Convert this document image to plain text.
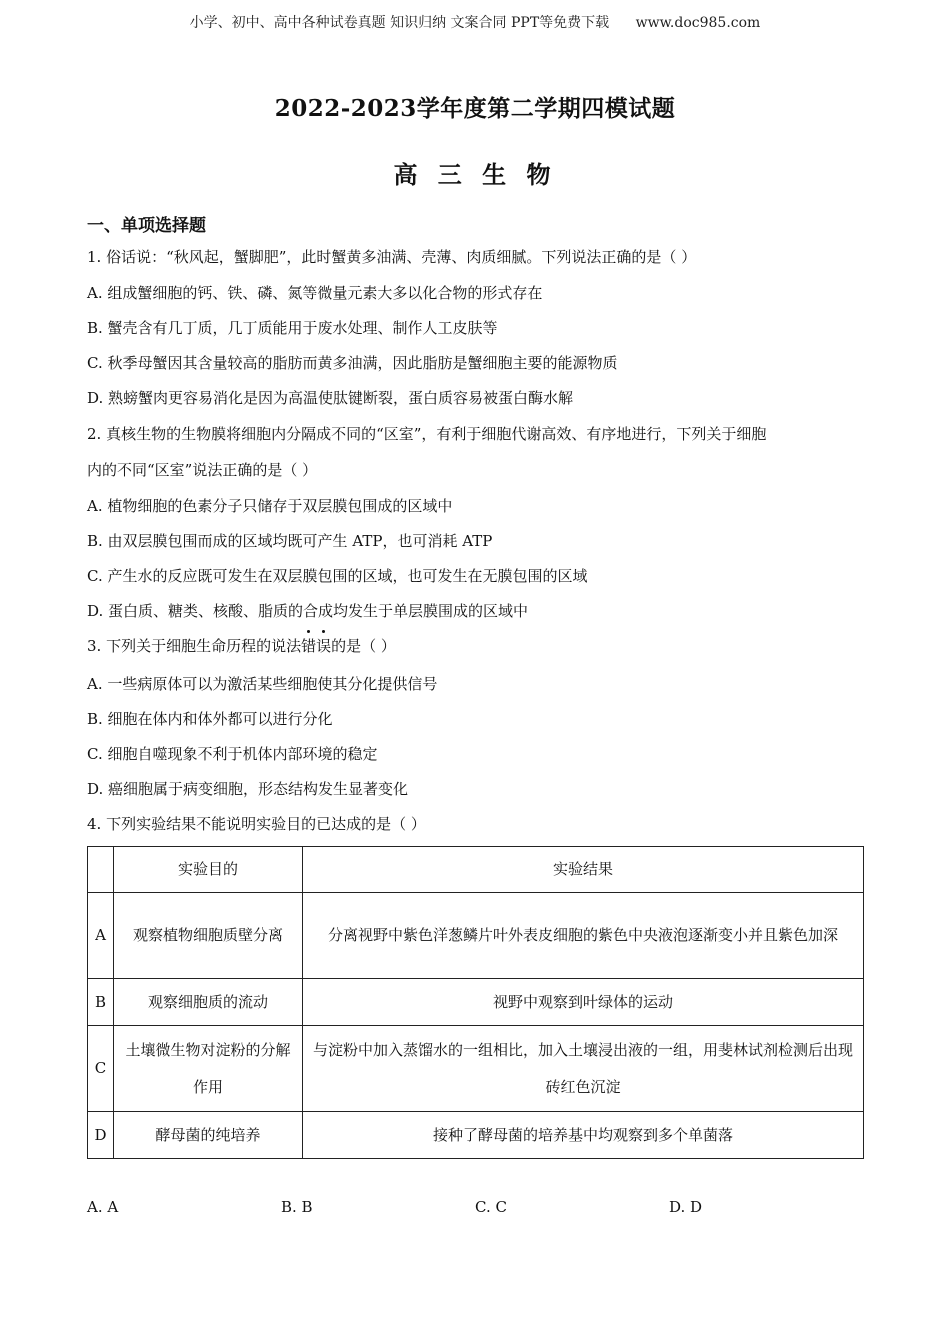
小学、初中、高中各种试卷真题 知识归纳 文案合同 PPT等免费下载 www.doc985.com
2022-2023学年度第二学期四模试题
高 三 生 物
一、单项选择题
1. 俗话说：“秋风起，蟹脚肥”，此时蟹黄多油满、壳薄、肉质细腻。下列说法正确的是（ ）
A. 组成蟹细胞的钙、铁、磷、氮等微量元素大多以化合物的形式存在
B. 蟹壳含有几丁质，几丁质能用于废水处理、制作人工皮肤等
C. 秋季母蟹因其含量较高的脂肪而黄多油满，因此脂肪是蟹细胞主要的能源物质
D. 熟螃蟹肉更容易消化是因为高温使肽键断裂，蛋白质容易被蛋白酶水解
2. 真核生物的生物膜将细胞内分隔成不同的“区室”，有利于细胞代谢高效、有序地进行，下列关于细胞
内的不同“区室”说法正确的是（ ）
A. 植物细胞的色素分子只储存于双层膜包围成的区域中
B. 由双层膜包围而成的区域均既可产生 ATP，也可消耗 ATP
C. 产生水的反应既可发生在双层膜包围的区域，也可发生在无膜包围的区域
D. 蛋白质、糖类、核酸、脂质的合成均发生于单层膜围成的区域中
3. 下列关于细胞生命历程的说法错误的是（ ）
A. 一些病原体可以为激活某些细胞使其分化提供信号
B. 细胞在体内和体外都可以进行分化
C. 细胞自噬现象不利于机体内部环境的稳定
D. 癌细胞属于病变细胞，形态结构发生显著变化
4. 下列实验结果不能说明实验目的已达成的是（ ）
	实验目的	实验结果
A	观察植物细胞质壁分离	分离视野中紫色洋葱鳞片叶外表皮细胞的紫色中央液泡逐渐变小并且紫色加深
B	观察细胞质的流动	视野中观察到叶绿体的运动
C	土壤微生物对淀粉的分解作用	与淀粉中加入蒸馏水的一组相比，加入土壤浸出液的一组，用斐林试剂检测后出现砖红色沉淀
D	酵母菌的纯培养	接种了酵母菌的培养基中均观察到多个单菌落
A. A	B. B	C. C	D. D
